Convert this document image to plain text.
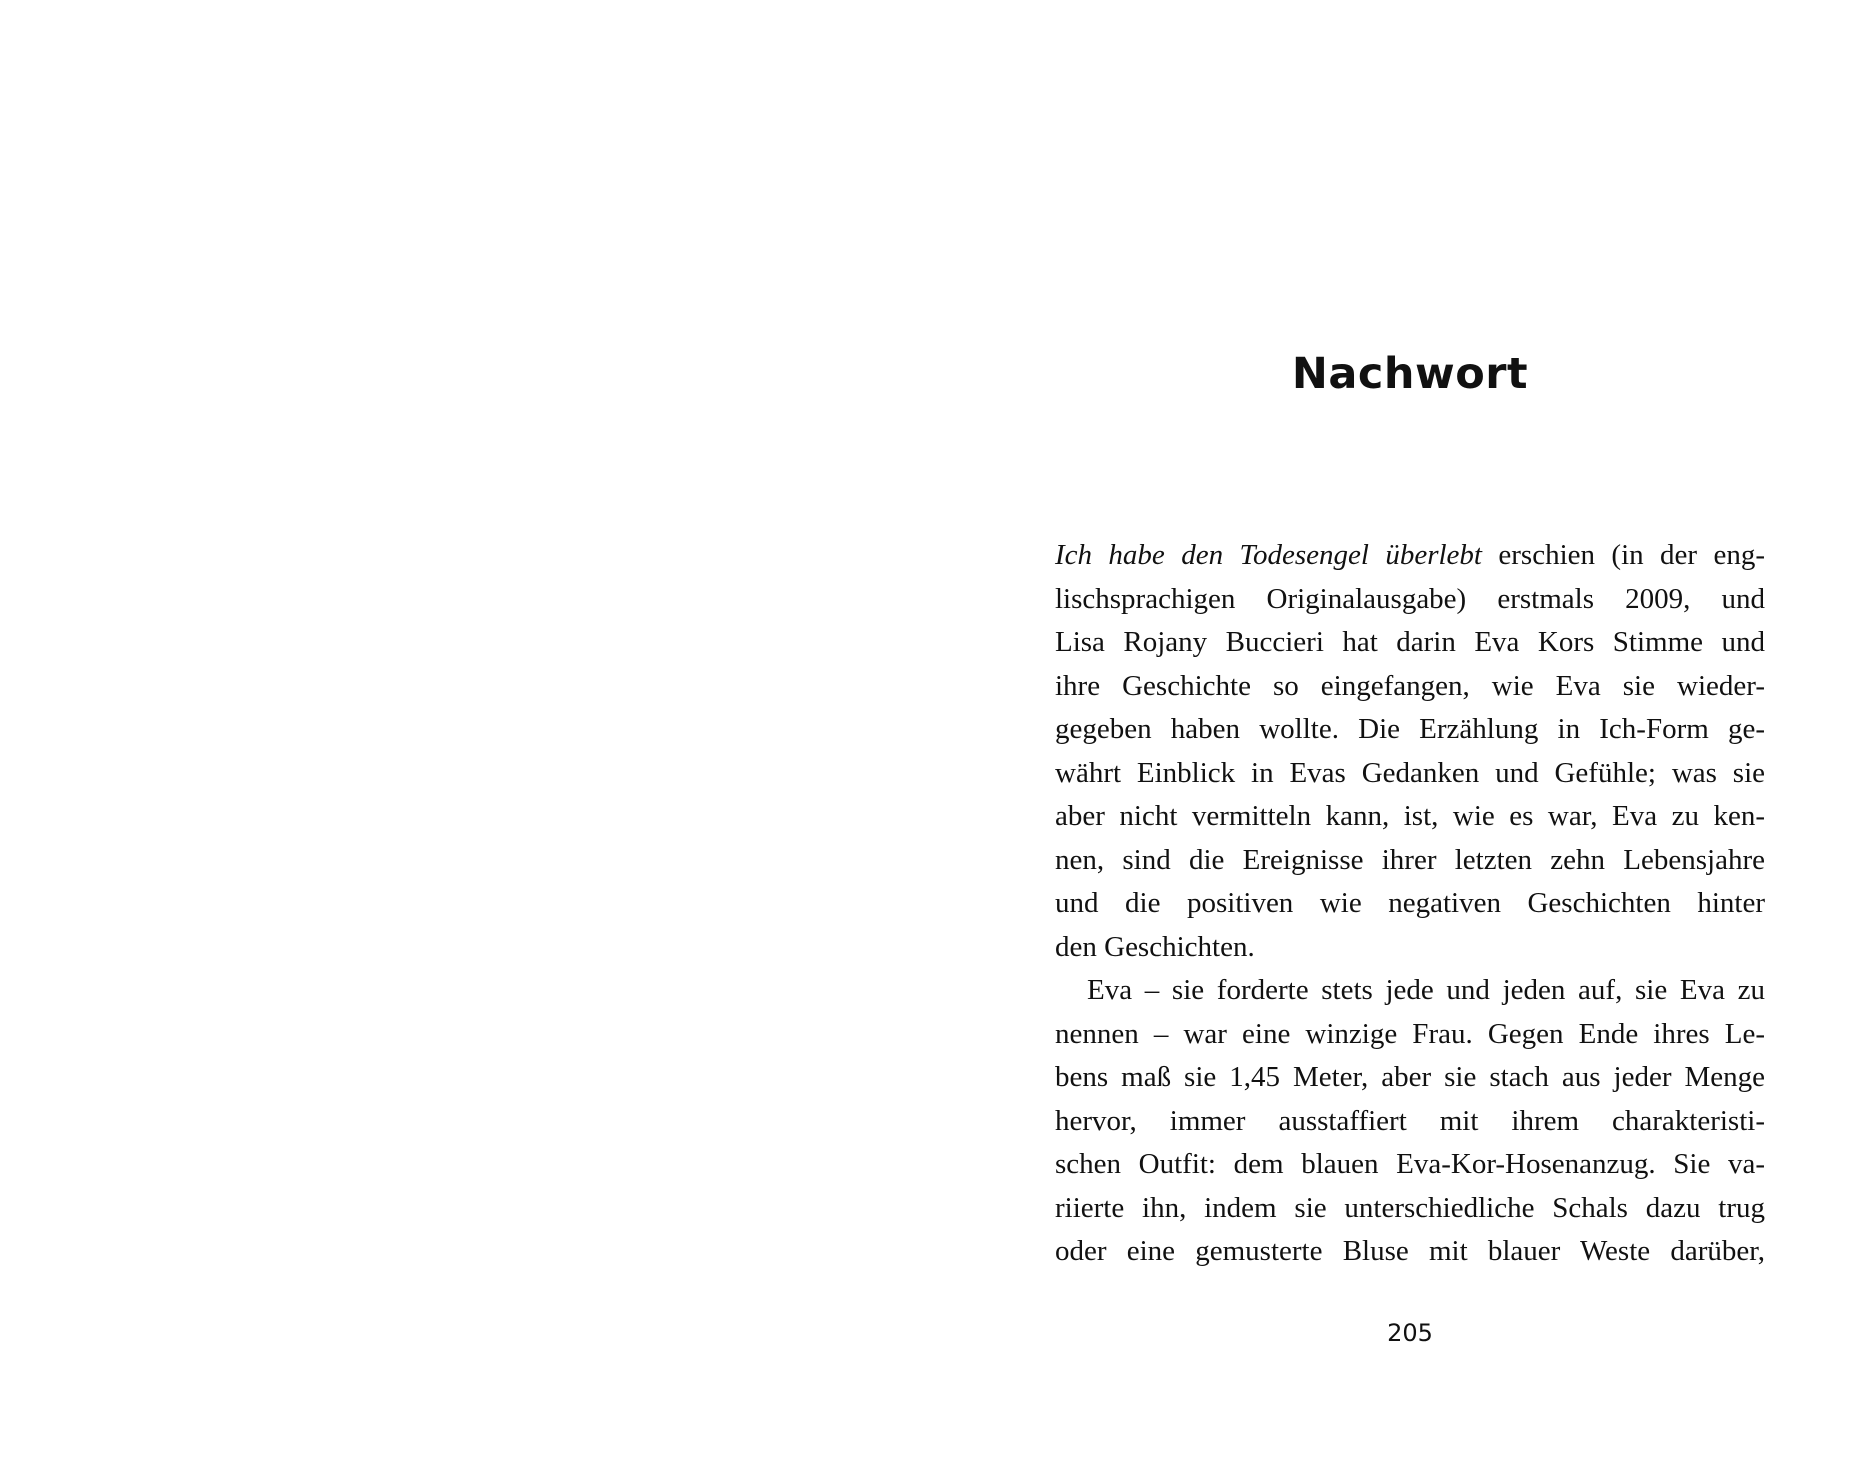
Nachwort
Ich habe den Todesengel überlebt erschien (in der eng-
lischsprachigen Originalausgabe) erstmals 2009, und
Lisa Rojany Buccieri hat darin Eva Kors Stimme und
ihre Geschichte so eingefangen, wie Eva sie wieder-
gegeben haben wollte. Die Erzählung in Ich-Form ge-
währt Einblick in Evas Gedanken und Gefühle; was sie
aber nicht vermitteln kann, ist, wie es war, Eva zu ken-
nen, sind die Ereignisse ihrer letzten zehn Lebensjahre
und die positiven wie negativen Geschichten hinter
den Geschichten.
Eva – sie forderte stets jede und jeden auf, sie Eva zu
nennen – war eine winzige Frau. Gegen Ende ihres Le-
bens maß sie 1,45 Meter, aber sie stach aus jeder Menge
hervor, immer ausstaffiert mit ihrem charakteristi-
schen Outfit: dem blauen Eva-Kor-Hosenanzug. Sie va-
riierte ihn, indem sie unterschiedliche Schals dazu trug
oder eine gemusterte Bluse mit blauer Weste darüber,
205
